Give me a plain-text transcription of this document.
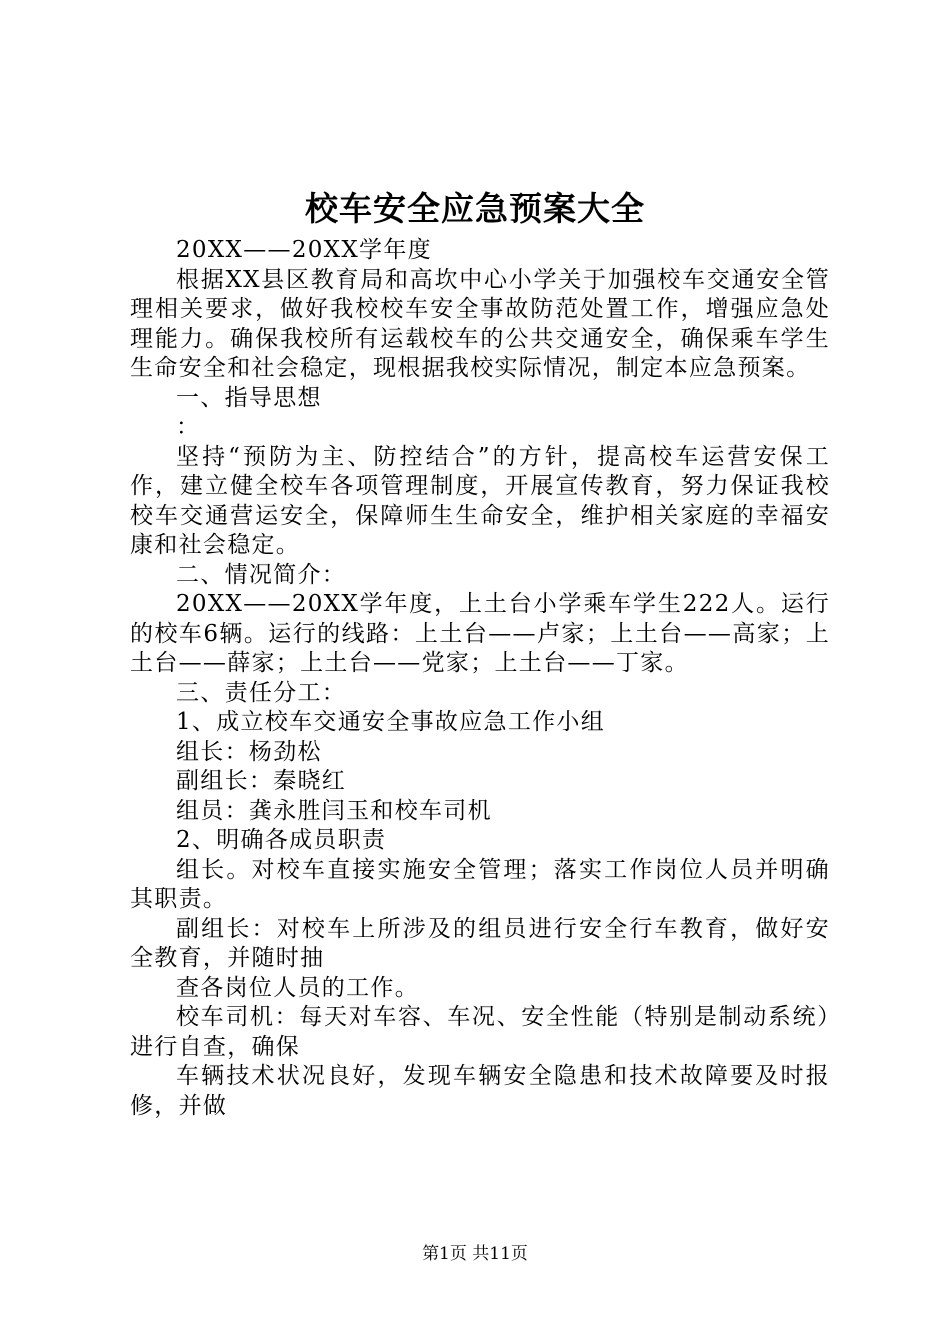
校车安全应急预案大全

20XX——20XX学年度

根据XX县区教育局和高坎中心小学关于加强校车交通安全管理相关要求，做好我校校车安全事故防范处置工作，增强应急处理能力。确保我校所有运载校车的公共交通安全，确保乘车学生生命安全和社会稳定，现根据我校实际情况，制定本应急预案。

一、指导思想

：

坚持“预防为主、防控结合”的方针，提高校车运营安保工作，建立健全校车各项管理制度，开展宣传教育，努力保证我校校车交通营运安全，保障师生生命安全，维护相关家庭的幸福安康和社会稳定。

二、情况简介：

20XX——20XX学年度，上土台小学乘车学生222人。运行的校车6辆。运行的线路：上土台——卢家；上土台——高家；上土台——薛家；上土台——党家；上土台——丁家。

三、责任分工：

1、成立校车交通安全事故应急工作小组

组长：杨劲松

副组长：秦晓红

组员：龚永胜闫玉和校车司机

2、明确各成员职责

组长。对校车直接实施安全管理；落实工作岗位人员并明确其职责。

副组长：对校车上所涉及的组员进行安全行车教育，做好安全教育，并随时抽

查各岗位人员的工作。

校车司机：每天对车容、车况、安全性能（特别是制动系统）进行自查，确保

车辆技术状况良好，发现车辆安全隐患和技术故障要及时报修，并做

第1页 共11页
